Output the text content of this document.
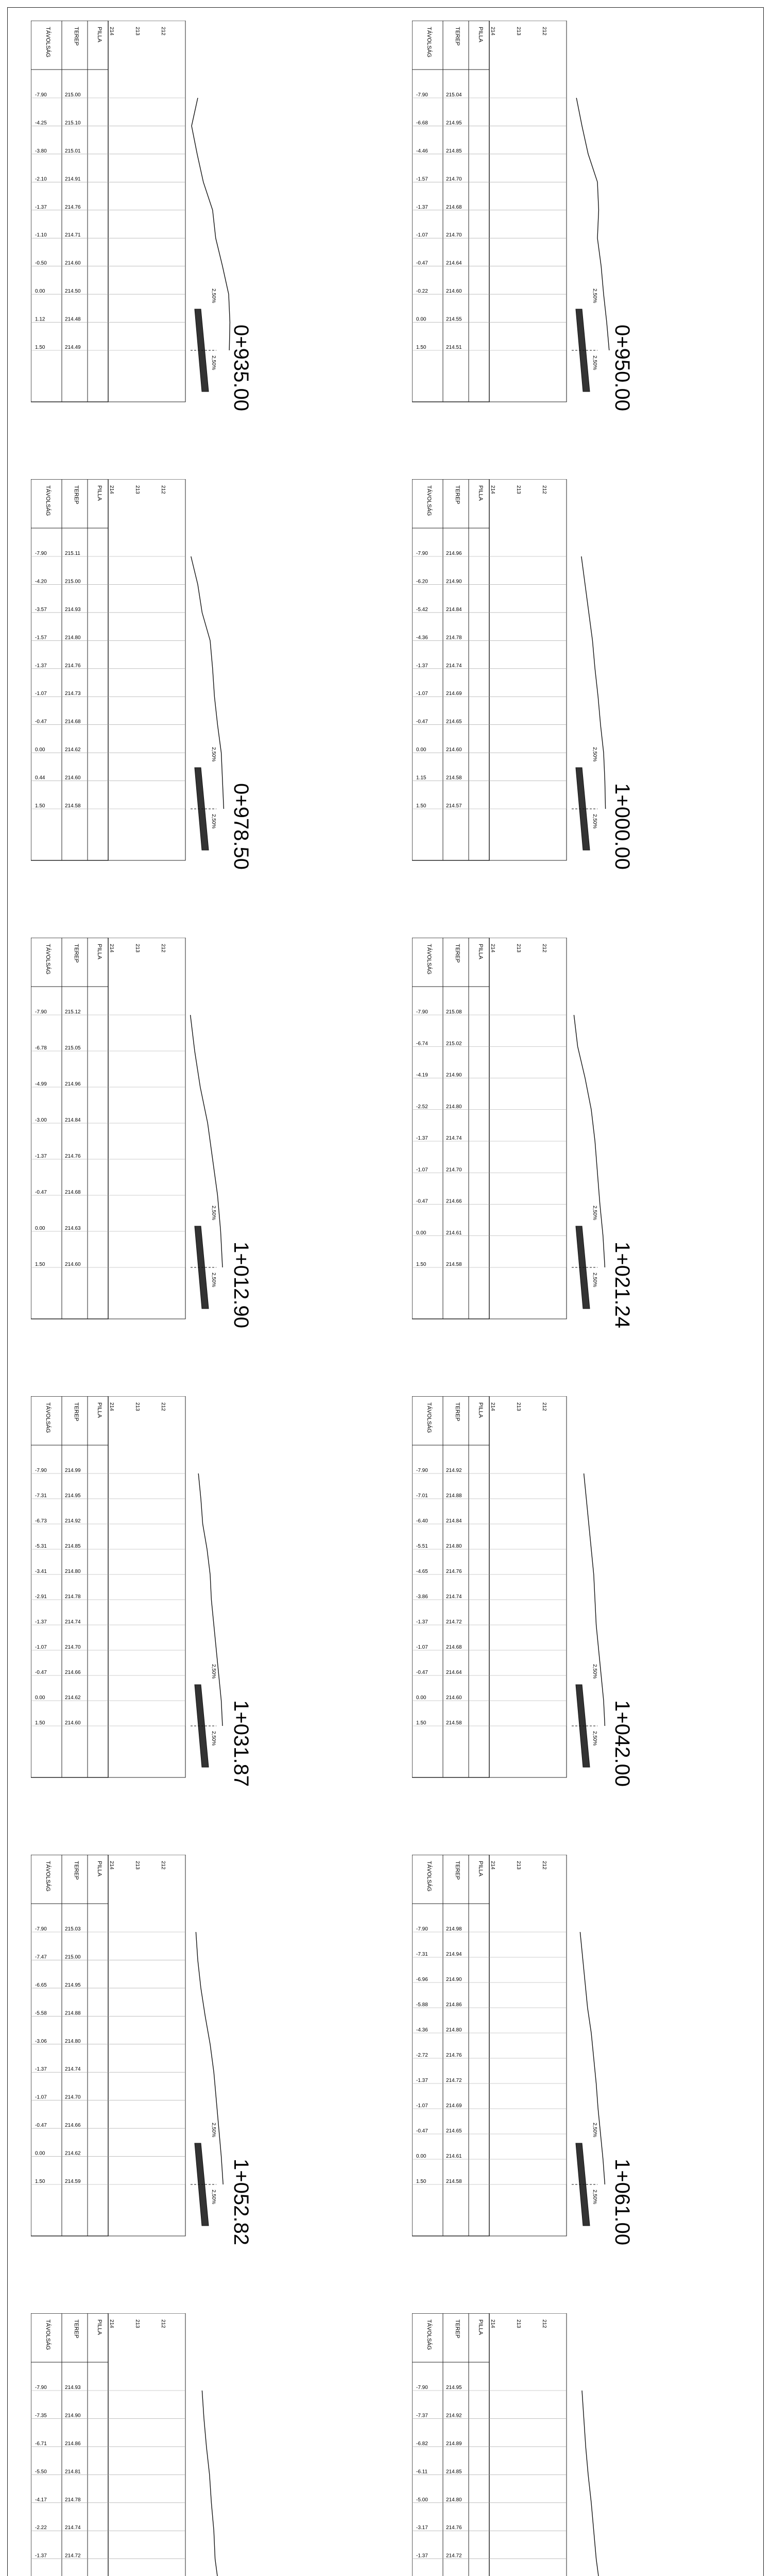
TÁVOLSÁG	TEREP	PILLA 214	213	212
-7.90	215.00
-4.25	215.10
-3.80	215.01
-2.10	214.91
-1.37	214.76
-1.10	214.71
-0.50	214.60
0.00	214.50
1.12	214.48
1.50	214.49
2,50%
2,50% 0+935.00
TÁVOLSÁG	TEREP	PILLA 214	213	212
-7.90	215.04
-6.68	214.95
-4.46	214.85
-1.57	214.70
-1.37	214.68
-1.07	214.70
-0.47	214.64
-0.22	214.60
0.00	214.55
1.50	214.51
2,50%
2,50% 0+950.00
TÁVOLSÁG	TEREP	PILLA 214	213	212
-7.90	215.11
-4.20	215.00
-3.57	214.93
-1.57	214.80
-1.37	214.76
-1.07	214.73
-0.47	214.68
0.00	214.62
0.44	214.60
1.50	214.58
2,50%
2,50% 0+978.50
TÁVOLSÁG	TEREP	PILLA 214	213	212
-7.90	214.96
-6.20	214.90
-5.42	214.84
-4.36	214.78
-1.37	214.74
-1.07	214.69
-0.47	214.65
0.00	214.60
1.15	214.58
1.50	214.57
2,50%
2,50% 1+000.00
TÁVOLSÁG	TEREP	PILLA 214	213	212
-7.90	215.12
-6.78	215.05
-4.99	214.96
-3.00	214.84
-1.37	214.76
-0.47	214.68
0.00	214.63
1.50	214.60
2,50%
2,50% 1+012.90
TÁVOLSÁG	TEREP	PILLA 214	213	212
-7.90	215.08
-6.74	215.02
-4.19	214.90
-2.52	214.80
-1.37	214.74
-1.07	214.70
-0.47	214.66
0.00	214.61
1.50	214.58
2,50%
2,50% 1+021.24
TÁVOLSÁG	TEREP	PILLA 214	213	212
-7.90	214.99
-7.31	214.95
-6.73	214.92
-5.31	214.85
-3.41	214.80
-2.91	214.78
-1.37	214.74
-1.07	214.70
-0.47	214.66
0.00	214.62
1.50	214.60
2,50%
2,50% 1+031.87
TÁVOLSÁG	TEREP	PILLA 214	213	212
-7.90	214.92
-7.01	214.88
-6.40	214.84
-5.51	214.80
-4.65	214.76
-3.86	214.74
-1.37	214.72
-1.07	214.68
-0.47	214.64
0.00	214.60
1.50	214.58
2,50%
2,50% 1+042.00
TÁVOLSÁG	TEREP	PILLA 214	213	212
-7.90	215.03
-7.47	215.00
-6.65	214.95
-5.58	214.88
-3.06	214.80
-1.37	214.74
-1.07	214.70
-0.47	214.66
0.00	214.62
1.50	214.59
2,50%
2,50% 1+052.82
TÁVOLSÁG	TEREP	PILLA 214	213	212
-7.90	214.98
-7.31	214.94
-6.96	214.90
-5.88	214.86
-4.36	214.80
-2.72	214.76
-1.37	214.72
-1.07	214.69
-0.47	214.65
0.00	214.61
1.50	214.58
2,50%
2,50% 1+061.00
TÁVOLSÁG	TEREP	PILLA 214	213	212
-7.90	214.93
-7.35	214.90
-6.71	214.86
-5.50	214.81
-4.17	214.78
-2.22	214.74
-1.37	214.72
TÁVOLSÁG	TEREP	PILLA 214	213	212
-7.90	214.95
-7.37	214.92
-6.82	214.89
-6.11	214.85
-5.00	214.80
-3.17	214.76
-1.37	214.72
